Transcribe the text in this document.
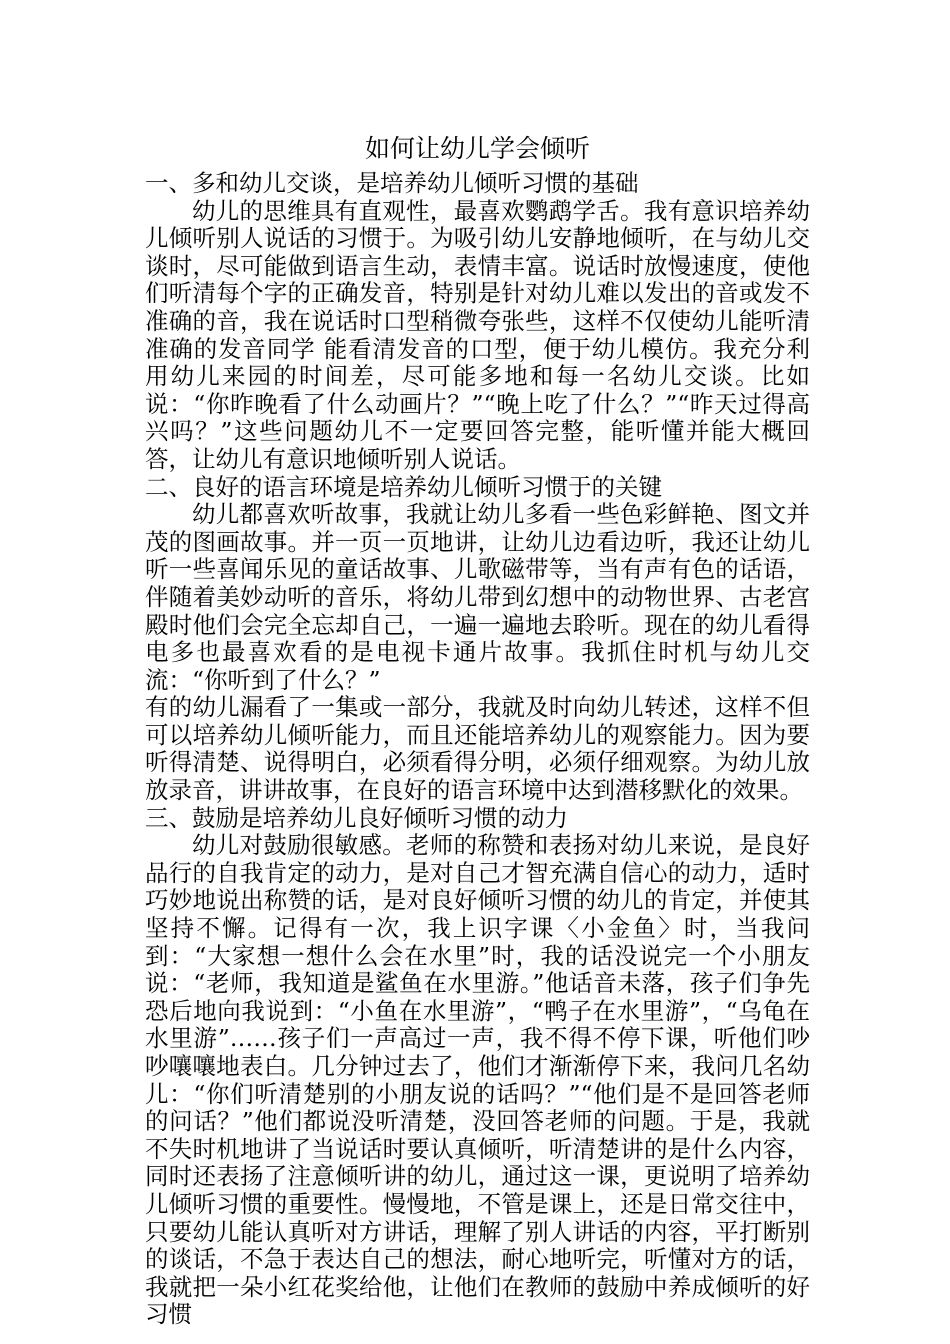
如何让幼儿学会倾听

一、多和幼儿交谈，是培养幼儿倾听习惯的基础

幼儿的思维具有直观性，最喜欢鹦鹉学舌。我有意识培养幼儿倾听别人说话的习惯于。为吸引幼儿安静地倾听，在与幼儿交谈时，尽可能做到语言生动，表情丰富。说话时放慢速度，使他们听清每个字的正确发音，特别是针对幼儿难以发出的音或发不准确的音，我在说话时口型稍微夸张些，这样不仅使幼儿能听清准确的发音同学 能看清发音的口型，便于幼儿模仿。我充分利用幼儿来园的时间差，尽可能多地和每一名幼儿交谈。比如说：“你昨晚看了什么动画片？”“晚上吃了什么？”“昨天过得高兴吗？”这些问题幼儿不一定要回答完整，能听懂并能大概回答，让幼儿有意识地倾听别人说话。

二、良好的语言环境是培养幼儿倾听习惯于的关键

幼儿都喜欢听故事，我就让幼儿多看一些色彩鲜艳、图文并茂的图画故事。并一页一页地讲，让幼儿边看边听，我还让幼儿听一些喜闻乐见的童话故事、儿歌磁带等，当有声有色的话语，伴随着美妙动听的音乐，将幼儿带到幻想中的动物世界、古老宫殿时他们会完全忘却自己，一遍一遍地去聆听。现在的幼儿看得电多也最喜欢看的是电视卡通片故事。我抓住时机与幼儿交流：“你听到了什么？”

有的幼儿漏看了一集或一部分，我就及时向幼儿转述，这样不但可以培养幼儿倾听能力，而且还能培养幼儿的观察能力。因为要听得清楚、说得明白，必须看得分明，必须仔细观察。为幼儿放放录音，讲讲故事，在良好的语言环境中达到潜移默化的效果。

三、鼓励是培养幼儿良好倾听习惯的动力

幼儿对鼓励很敏感。老师的称赞和表扬对幼儿来说，是良好品行的自我肯定的动力，是对自己才智充满自信心的动力，适时巧妙地说出称赞的话，是对良好倾听习惯的幼儿的肯定，并使其坚持不懈。记得有一次，我上识字课〈小金鱼〉时，当我问到：“大家想一想什么会在水里”时，我的话没说完一个小朋友说：“老师，我知道是鲨鱼在水里游。”他话音未落，孩子们争先恐后地向我说到：“小鱼在水里游”，“鸭子在水里游”，“乌龟在水里游”……孩子们一声高过一声，我不得不停下课，听他们吵吵嚷嚷地表白。几分钟过去了，他们才渐渐停下来，我问几名幼儿：“你们听清楚别的小朋友说的话吗？”“他们是不是回答老师的问话？”他们都说没听清楚，没回答老师的问题。于是，我就不失时机地讲了当说话时要认真倾听，听清楚讲的是什么内容，同时还表扬了注意倾听讲的幼儿，通过这一课，更说明了培养幼儿倾听习惯的重要性。慢慢地，不管是课上，还是日常交往中，只要幼儿能认真听对方讲话，理解了别人讲话的内容，平打断别的谈话，不急于表达自己的想法，耐心地听完，听懂对方的话，我就把一朵小红花奖给他，让他们在教师的鼓励中养成倾听的好习惯
